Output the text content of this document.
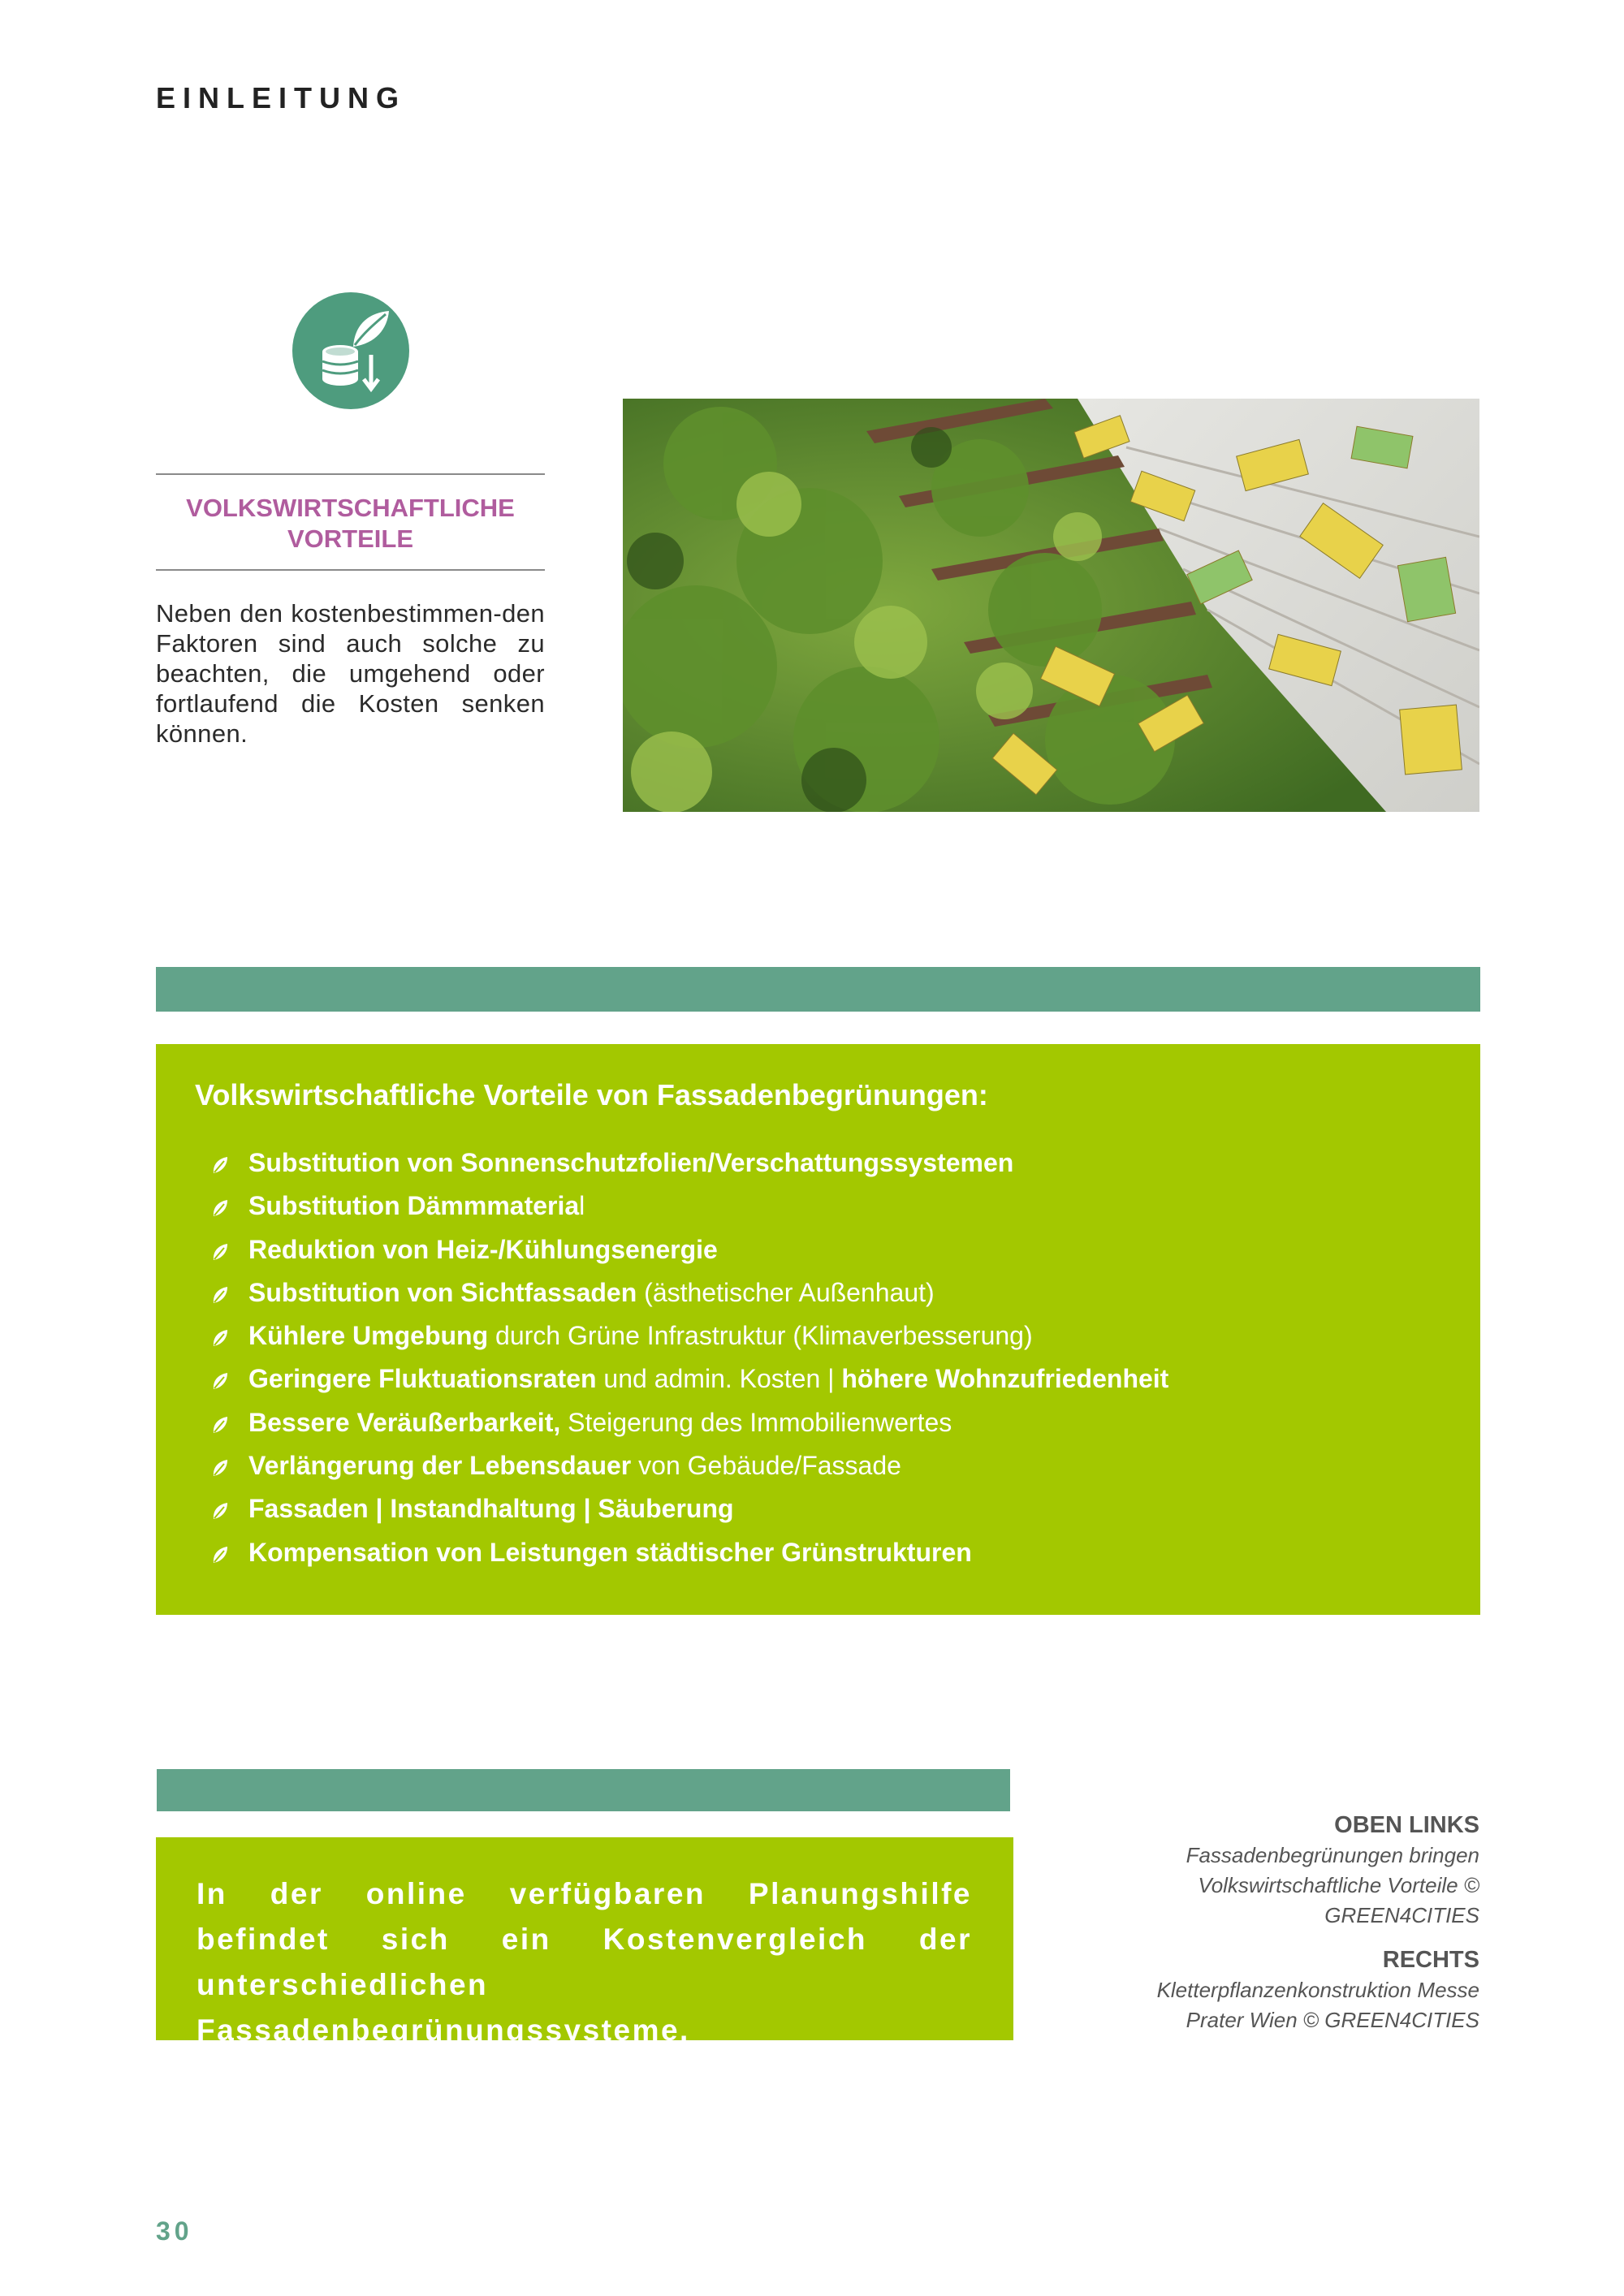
EINLEITUNG
VOLKSWIRTSCHAFTLICHE
VORTEILE
Neben den kostenbestimmen-den Faktoren sind auch solche zu beachten, die umgehend oder fortlaufend die Kosten senken können.
Volkswirtschaftliche Vorteile von Fassadenbegrünungen:
Substitution von Sonnenschutzfolien/Verschattungssystemen
Substitution Dämmmaterial
Reduktion von Heiz-/Kühlungsenergie
Substitution von Sichtfassaden (ästhetischer Außenhaut)
Kühlere Umgebung durch Grüne Infrastruktur (Klimaverbesserung)
Geringere Fluktuationsraten und admin. Kosten | höhere Wohnzufriedenheit
Bessere Veräußerbarkeit, Steigerung des Immobilienwertes
Verlängerung der Lebensdauer von Gebäude/Fassade
Fassaden | Instandhaltung | Säuberung
Kompensation von Leistungen städtischer Grünstrukturen
In der online verfügbaren Planungshilfe befindet sich ein Kostenvergleich der unterschiedlichen Fassadenbegrünungssysteme.
OBEN LINKS
Fassadenbegrünungen bringen Volkswirtschaftliche Vorteile © GREEN4CITIES
RECHTS
Kletterpflanzenkonstruktion Messe Prater Wien © GREEN4CITIES
30
